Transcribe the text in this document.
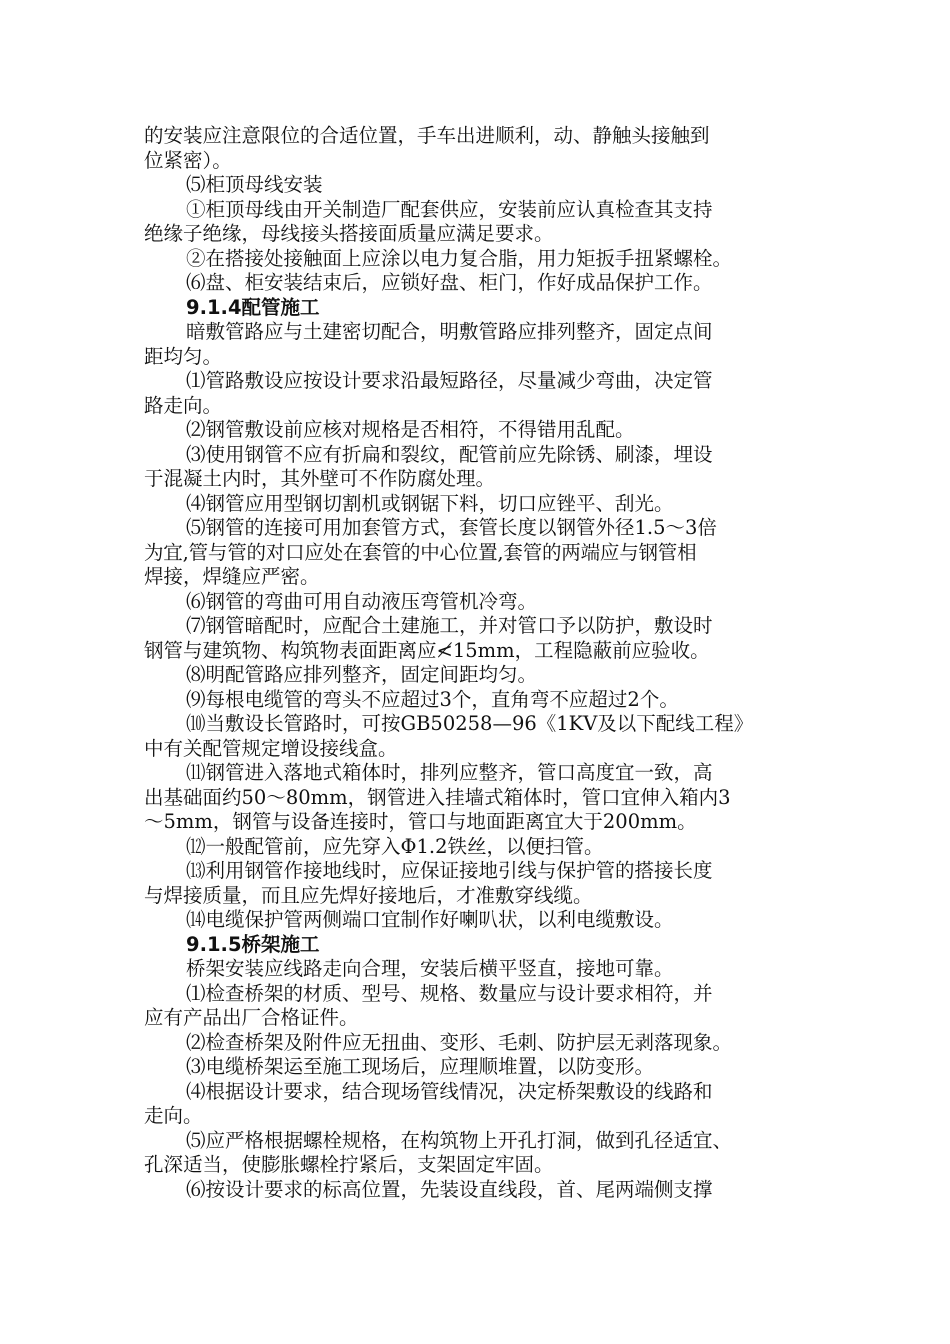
的安装应注意限位的合适位置，手车出进顺利，动、静触头接触到
位紧密）。
⑸柜顶母线安装
①柜顶母线由开关制造厂配套供应，安装前应认真检查其支持
绝缘子绝缘，母线接头搭接面质量应满足要求。
②在搭接处接触面上应涂以电力复合脂，用力矩扳手扭紧螺栓。
⑹盘、柜安装结束后，应锁好盘、柜门，作好成品保护工作。
9.1.4配管施工
暗敷管路应与土建密切配合，明敷管路应排列整齐，固定点间
距均匀。
⑴管路敷设应按设计要求沿最短路径，尽量减少弯曲，决定管
路走向。
⑵钢管敷设前应核对规格是否相符，不得错用乱配。
⑶使用钢管不应有折扁和裂纹，配管前应先除锈、刷漆，埋设
于混凝土内时，其外壁可不作防腐处理。
⑷钢管应用型钢切割机或钢锯下料，切口应锉平、刮光。
⑸钢管的连接可用加套管方式，套管长度以钢管外径1.5～3倍
为宜,管与管的对口应处在套管的中心位置,套管的两端应与钢管相
焊接，焊缝应严密。
⑹钢管的弯曲可用自动液压弯管机冷弯。
⑺钢管暗配时，应配合土建施工，并对管口予以防护，敷设时
钢管与建筑物、构筑物表面距离应≮15mm，工程隐蔽前应验收。
⑻明配管路应排列整齐，固定间距均匀。
⑼每根电缆管的弯头不应超过3个，直角弯不应超过2个。
⑽当敷设长管路时，可按GB50258—96《1KV及以下配线工程》
中有关配管规定增设接线盒。
⑾钢管进入落地式箱体时，排列应整齐，管口高度宜一致，高
出基础面约50～80mm，钢管进入挂墙式箱体时，管口宜伸入箱内3
～5mm，钢管与设备连接时，管口与地面距离宜大于200mm。
⑿一般配管前，应先穿入Φ1.2铁丝，以便扫管。
⒀利用钢管作接地线时，应保证接地引线与保护管的搭接长度
与焊接质量，而且应先焊好接地后，才准敷穿线缆。
⒁电缆保护管两侧端口宜制作好喇叭状，以利电缆敷设。
9.1.5桥架施工
桥架安装应线路走向合理，安装后横平竖直，接地可靠。
⑴检查桥架的材质、型号、规格、数量应与设计要求相符，并
应有产品出厂合格证件。
⑵检查桥架及附件应无扭曲、变形、毛刺、防护层无剥落现象。
⑶电缆桥架运至施工现场后，应理顺堆置，以防变形。
⑷根据设计要求，结合现场管线情况，决定桥架敷设的线路和
走向。
⑸应严格根据螺栓规格，在构筑物上开孔打洞，做到孔径适宜、
孔深适当，使膨胀螺栓拧紧后，支架固定牢固。
⑹按设计要求的标高位置，先装设直线段，首、尾两端侧支撑
